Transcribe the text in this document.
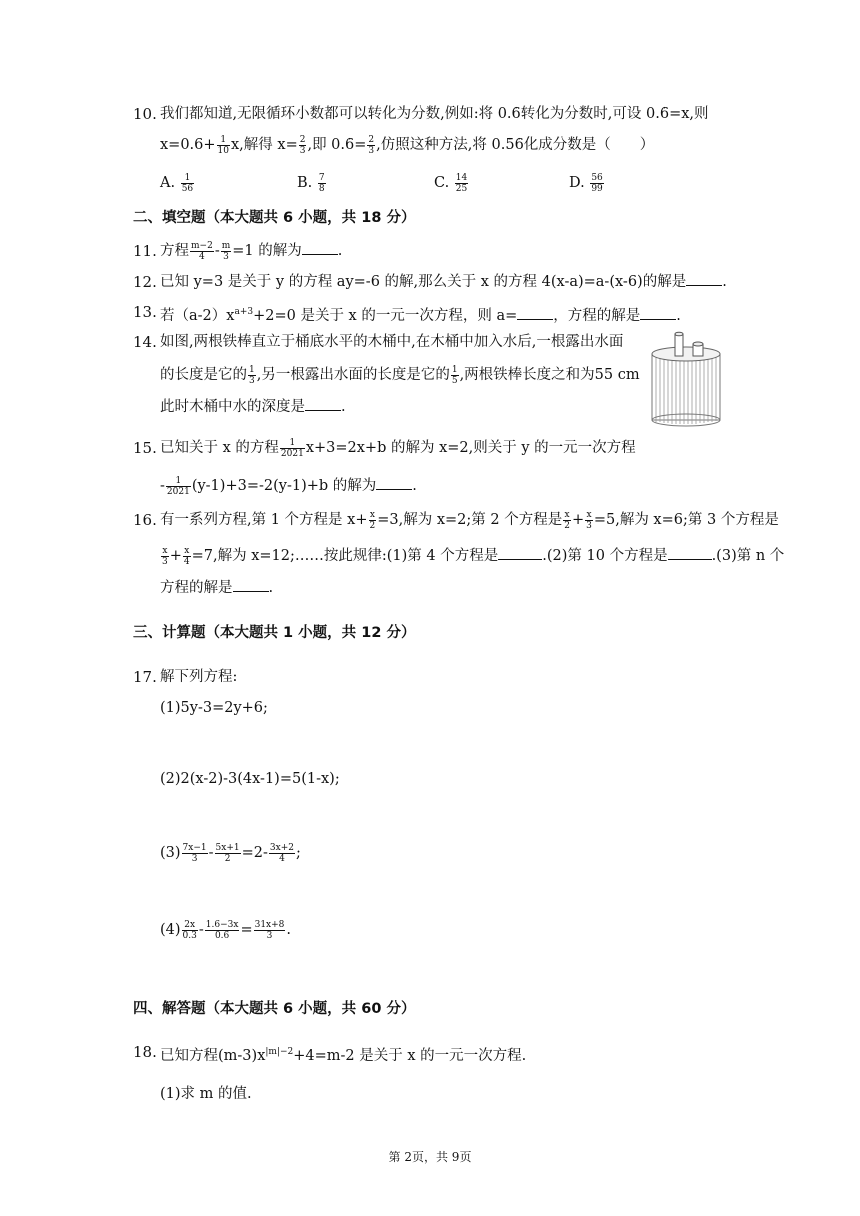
10. 我们都知道,无限循环小数都可以转化为分数,例如:将 0.6 ·转化为分数时,可设 0.6 ·=x,则
$x=0.6+ \frac{1}{10} x$,解得 $x= \frac{2}{3}$ ,即 $0.6 \cdot= \frac{2}{3}$ ,仿照这种方法,将 0.5 ·6 ·化成分数是（　　）
A. $\frac{1}{56}$	B. $\frac{7}{8}$	C. $\frac{14}{25}$	D. $\frac{56}{99}$
二、填空题（本大题共 6 小题，共 18 分）
11. 方程 $\frac{m-2}{4} - \frac{m}{3} =1$ 的解为 .
12. 已知 y=3 是关于 y 的方程 ay=-6 的解,那么关于 x 的方程 4(x-a)=a-(x-6)的解是 .
13. 若$(a-2)x^{a+3}+2=0$ 是关于 x 的一元一次方程，则 a= ，方程的解是 .
14. 如图,两根铁棒直立于桶底水平的木桶中,在木桶中加入水后,一根露出水面
的长度是它的 $\frac{1}{3}$ ,另一根露出水面的长度是它的 $\frac{1}{5}$ ,两根铁棒长度之和为55 cm
此时木桶中水的深度是 .
15. 已知关于 x 的方程 $\frac{1}{2021} x+3=2x+b$ 的解为 x=2,则关于 y 的一元一次方程
- $\frac{1}{2021} (y-1)+3=-2(y-1)+b$ 的解为 .
16. 有一系列方程,第 1 个方程是 $x+ \frac{x}{2} =3$,解为 x=2;第 2 个方程是 $\frac{x}{2} + \frac{x}{3} =5$,解为 x=6;第 3 个方程是
$\frac{x}{3} + \frac{x}{4} =7$,解为 x=12;……按此规律:(1)第 4 个方程是	.(2)第 10 个方程是	.(3)第 n 个
方程的解是 .
三、计算题（本大题共 1 小题，共 12 分）
17. 解下列方程:
(1)5y-3=2y+6;
(2)2(x-2)-3(4x-1)=5(1-x);
$(3) \frac{7x-1}{3} - \frac{5x+1}{2} =2- \frac{3x+2}{4}$ ;
$(4) \frac{2x}{0.3} - \frac{1.6-3x}{0.6} = \frac{31x+8}{3}$ .
四、解答题（本大题共 6 小题，共 60 分）
18. 已知方程$(m-3)x^{|m|-2}+4=m-2$ 是关于 x 的一元一次方程.
(1)求 m 的值.
第 2页，共 9页
